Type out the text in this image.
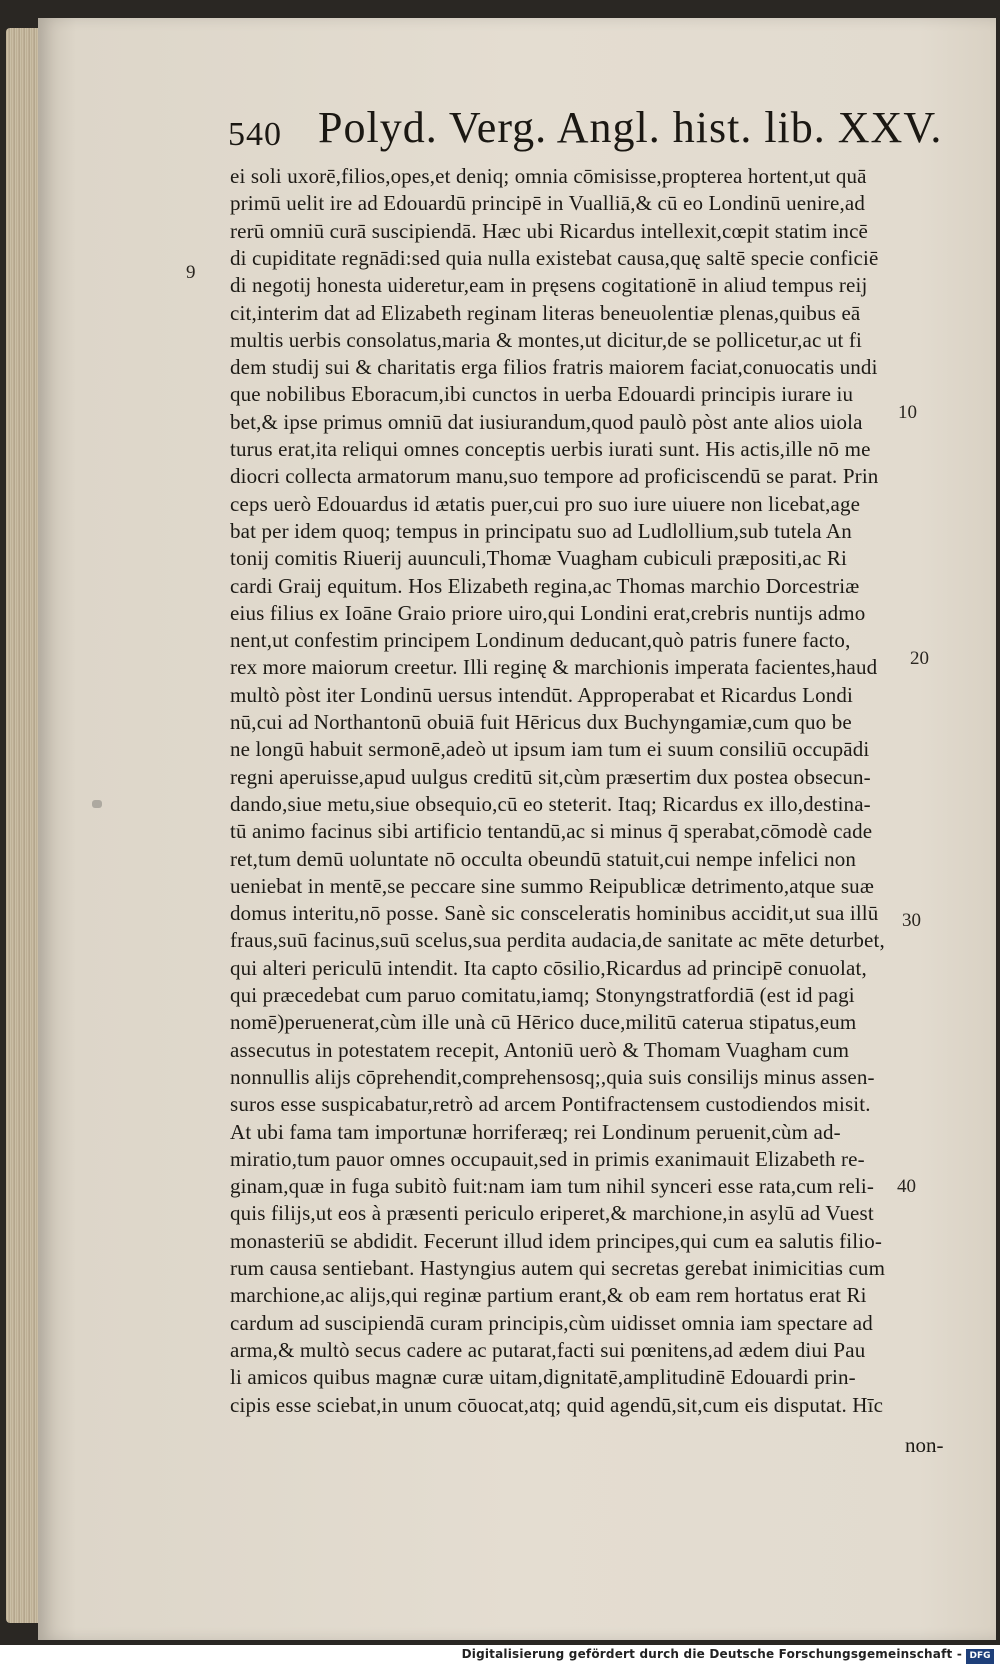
540 Polyd. Verg. Angl. hist. lib. XXV.
ei soli uxorē,filios,opes,et deniq; omnia cōmisisse,propterea hortent,ut quā
primū uelit ire ad Edouardū principē in Vualliā,& cū eo Londinū uenire,ad
rerū omniū curā suscipiendā. Hæc ubi Ricardus intellexit,cœpit statim incē
di cupiditate regnādi:sed quia nulla existebat causa,quę saltē specie conficiē
di negotij honesta uideretur,eam in pręsens cogitationē in aliud tempus reij
cit,interim dat ad Elizabeth reginam literas beneuolentiæ plenas,quibus eā
multis uerbis consolatus,maria & montes,ut dicitur,de se pollicetur,ac ut fi
dem studij sui & charitatis erga filios fratris maiorem faciat,conuocatis undi
que nobilibus Eboracum,ibi cunctos in uerba Edouardi principis iurare iu
bet,& ipse primus omniū dat iusiurandum,quod paulò pòst ante alios uiola
turus erat,ita reliqui omnes conceptis uerbis iurati sunt. His actis,ille nō me
diocri collecta armatorum manu,suo tempore ad proficiscendū se parat. Prin
ceps uerò Edouardus id ætatis puer,cui pro suo iure uiuere non licebat,age
bat per idem quoq; tempus in principatu suo ad Ludlollium,sub tutela An
tonij comitis Riuerij auunculi,Thomæ Vuagham cubiculi præpositi,ac Ri
cardi Graij equitum. Hos Elizabeth regina,ac Thomas marchio Dorcestriæ
eius filius ex Ioāne Graio priore uiro,qui Londini erat,crebris nuntijs admo
nent,ut confestim principem Londinum deducant,quò patris funere facto,
rex more maiorum creetur. Illi reginę & marchionis imperata facientes,haud
multò pòst iter Londinū uersus intendūt. Approperabat et Ricardus Londi
nū,cui ad Northantonū obuiā fuit Hēricus dux Buchyngamiæ,cum quo be
ne longū habuit sermonē,adeò ut ipsum iam tum ei suum consiliū occupādi
regni aperuisse,apud uulgus creditū sit,cùm præsertim dux postea obsecun-
dando,siue metu,siue obsequio,cū eo steterit. Itaq; Ricardus ex illo,destina-
tū animo facinus sibi artificio tentandū,ac si minus q̄ sperabat,cōmodè cade
ret,tum demū uoluntate nō occulta obeundū statuit,cui nempe infelici non
ueniebat in mentē,se peccare sine summo Reipublicæ detrimento,atque suæ
domus interitu,nō posse. Sanè sic consceleratis hominibus accidit,ut sua illū
fraus,suū facinus,suū scelus,sua perdita audacia,de sanitate ac mēte deturbet,
qui alteri periculū intendit. Ita capto cōsilio,Ricardus ad principē conuolat,
qui præcedebat cum paruo comitatu,iamq; Stonyngstratfordiā (est id pagi
nomē)peruenerat,cùm ille unà cū Hērico duce,militū caterua stipatus,eum
assecutus in potestatem recepit, Antoniū uerò & Thomam Vuagham cum
nonnullis alijs cōprehendit,comprehensosq;,quia suis consilijs minus assen-
suros esse suspicabatur,retrò ad arcem Pontifractensem custodiendos misit.
At ubi fama tam importunæ horriferæq; rei Londinum peruenit,cùm ad-
miratio,tum pauor omnes occupauit,sed in primis exanimauit Elizabeth re-
ginam,quæ in fuga subitò fuit:nam iam tum nihil synceri esse rata,cum reli-
quis filijs,ut eos à præsenti periculo eriperet,& marchione,in asylū ad Vuest
monasteriū se abdidit. Fecerunt illud idem principes,qui cum ea salutis filio-
rum causa sentiebant. Hastyngius autem qui secretas gerebat inimicitias cum
marchione,ac alijs,qui reginæ partium erant,& ob eam rem hortatus erat Ri
cardum ad suscipiendā curam principis,cùm uidisset omnia iam spectare ad
arma,& multò secus cadere ac putarat,facti sui pœnitens,ad ædem diui Pau
li amicos quibus magnæ curæ uitam,dignitatē,amplitudinē Edouardi prin-
cipis esse sciebat,in unum cōuocat,atq; quid agendū,sit,cum eis disputat. Hīc
9
10
20
30
40
non-
Digitalisierung gefördert durch die Deutsche Forschungsgemeinschaft - DFG
